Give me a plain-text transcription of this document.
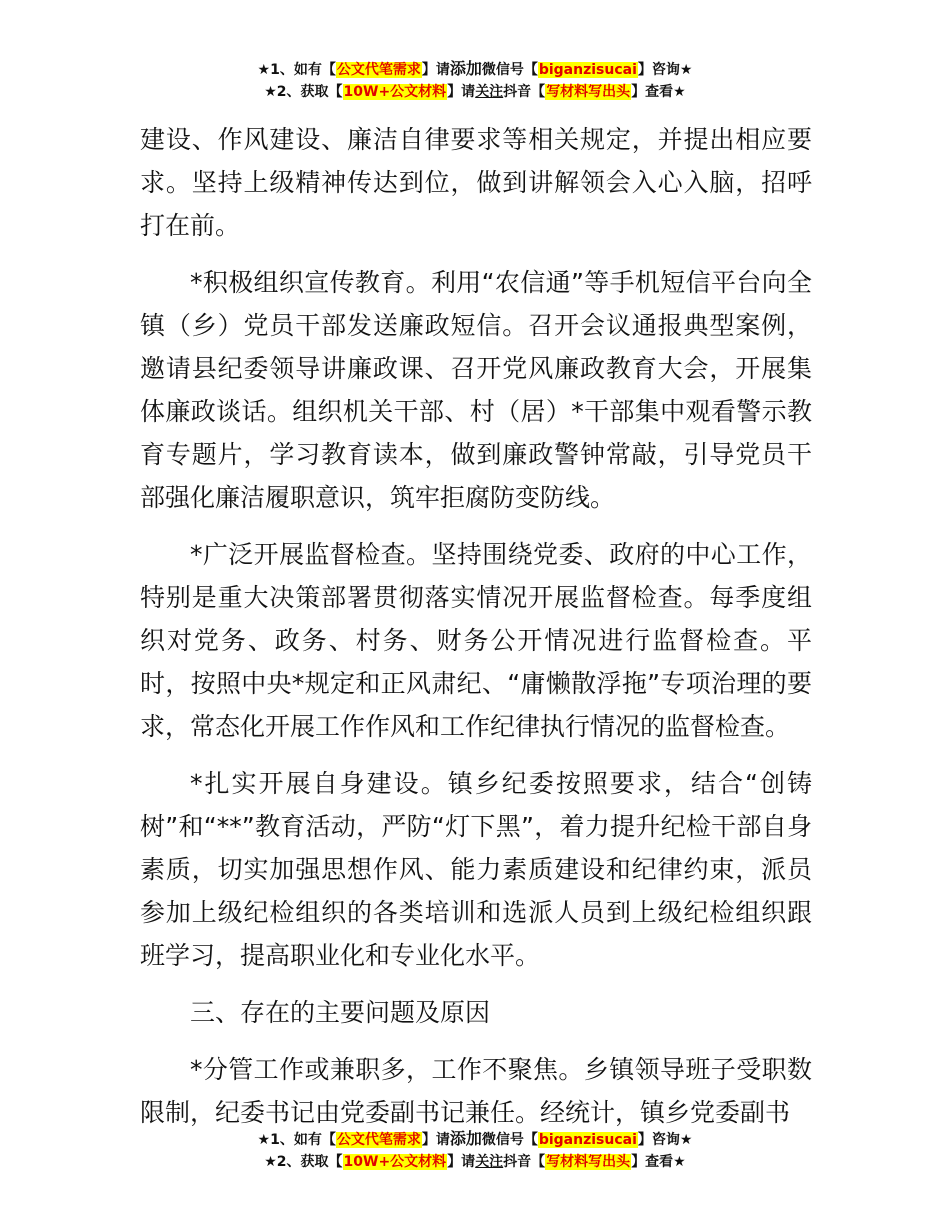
★1、如有【公文代笔需求】请添加微信号【biganzisucai】咨询★
★2、获取【10W+公文材料】请关注抖音【写材料写出头】查看★

建设、作风建设、廉洁自律要求等相关规定，并提出相应要求。坚持上级精神传达到位，做到讲解领会入心入脑，招呼打在前。

*积极组织宣传教育。利用“农信通”等手机短信平台向全镇（乡）党员干部发送廉政短信。召开会议通报典型案例，邀请县纪委领导讲廉政课、召开党风廉政教育大会，开展集体廉政谈话。组织机关干部、村（居）*干部集中观看警示教育专题片，学习教育读本，做到廉政警钟常敲，引导党员干部强化廉洁履职意识，筑牢拒腐防变防线。

*广泛开展监督检查。坚持围绕党委、政府的中心工作，特别是重大决策部署贯彻落实情况开展监督检查。每季度组织对党务、政务、村务、财务公开情况进行监督检查。平时，按照中央*规定和正风肃纪、“庸懒散浮拖”专项治理的要求，常态化开展工作作风和工作纪律执行情况的监督检查。

*扎实开展自身建设。镇乡纪委按照要求，结合“创铸树”和“**”教育活动，严防“灯下黑”，着力提升纪检干部自身素质，切实加强思想作风、能力素质建设和纪律约束，派员参加上级纪检组织的各类培训和选派人员到上级纪检组织跟班学习，提高职业化和专业化水平。

三、存在的主要问题及原因

*分管工作或兼职多，工作不聚焦。乡镇领导班子受职数限制，纪委书记由党委副书记兼任。经统计，镇乡党委副书

★1、如有【公文代笔需求】请添加微信号【biganzisucai】咨询★
★2、获取【10W+公文材料】请关注抖音【写材料写出头】查看★
